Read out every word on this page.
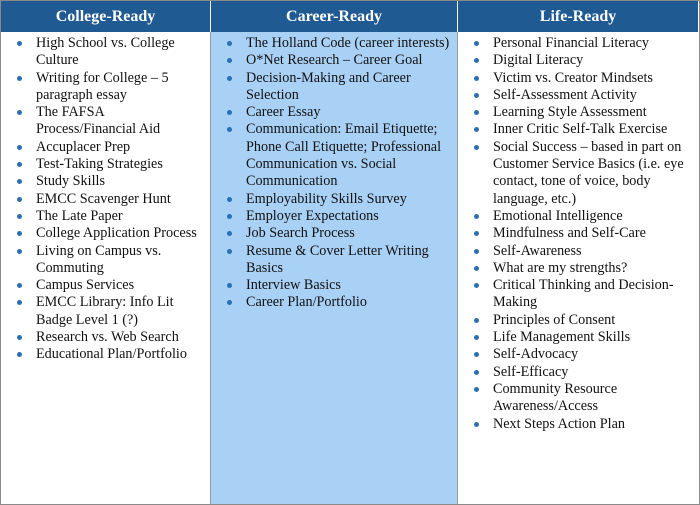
College-Ready	Career-Ready	Life-Ready
High School vs. College Culture
Writing for College – 5 paragraph essay
The FAFSA Process/Financial Aid
Accuplacer Prep
Test-Taking Strategies
Study Skills
EMCC Scavenger Hunt
The Late Paper
College Application Process
Living on Campus vs. Commuting
Campus Services
EMCC Library: Info Lit Badge Level 1 (?)
Research vs. Web Search
Educational Plan/Portfolio
The Holland Code (career interests)
O*Net Research – Career Goal
Decision-Making and Career Selection
Career Essay
Communication: Email Etiquette; Phone Call Etiquette; Professional Communication vs. Social Communication
Employability Skills Survey
Employer Expectations
Job Search Process
Resume & Cover Letter Writing Basics
Interview Basics
Career Plan/Portfolio
Personal Financial Literacy
Digital Literacy
Victim vs. Creator Mindsets
Self-Assessment Activity
Learning Style Assessment
Inner Critic Self-Talk Exercise
Social Success – based in part on Customer Service Basics (i.e. eye contact, tone of voice, body language, etc.)
Emotional Intelligence
Mindfulness and Self-Care
Self-Awareness
What are my strengths?
Critical Thinking and Decision-Making
Principles of Consent
Life Management Skills
Self-Advocacy
Self-Efficacy
Community Resource Awareness/Access
Next Steps Action Plan
